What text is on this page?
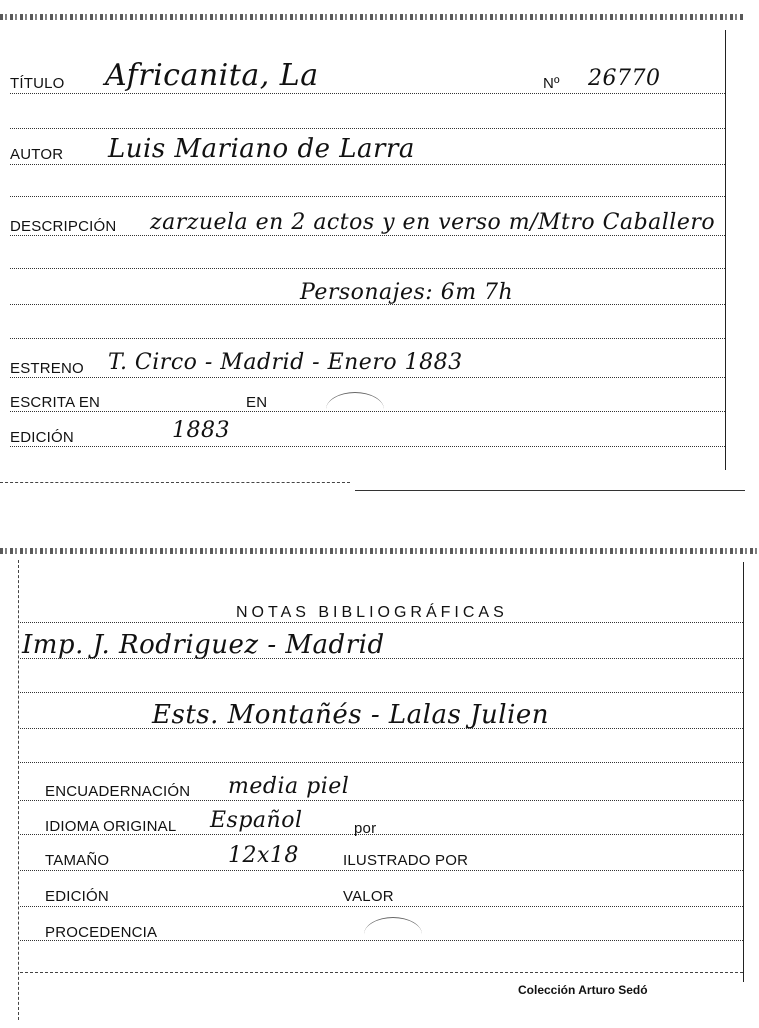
TÍTULO Africanita, La	Nº 26770
AUTOR Luis Mariano de Larra
DESCRIPCIÓN zarzuela en 2 actos y en verso m/Mtro Caballero
Personajes: 6m 7h
ESTRENO T. Circo - Madrid - Enero 1883
ESCRITA EN	EN
EDICIÓN	1883
NOTAS BIBLIOGRÁFICAS
Imp. J. Rodriguez - Madrid
Ests. Montañés - Lalas Julien
ENCUADERNACIÓN media piel
IDIOMA ORIGINAL Español	por
TAMAÑO	12x18	ILUSTRADO POR
EDICIÓN	VALOR
PROCEDENCIA
Colección Arturo Sedó
